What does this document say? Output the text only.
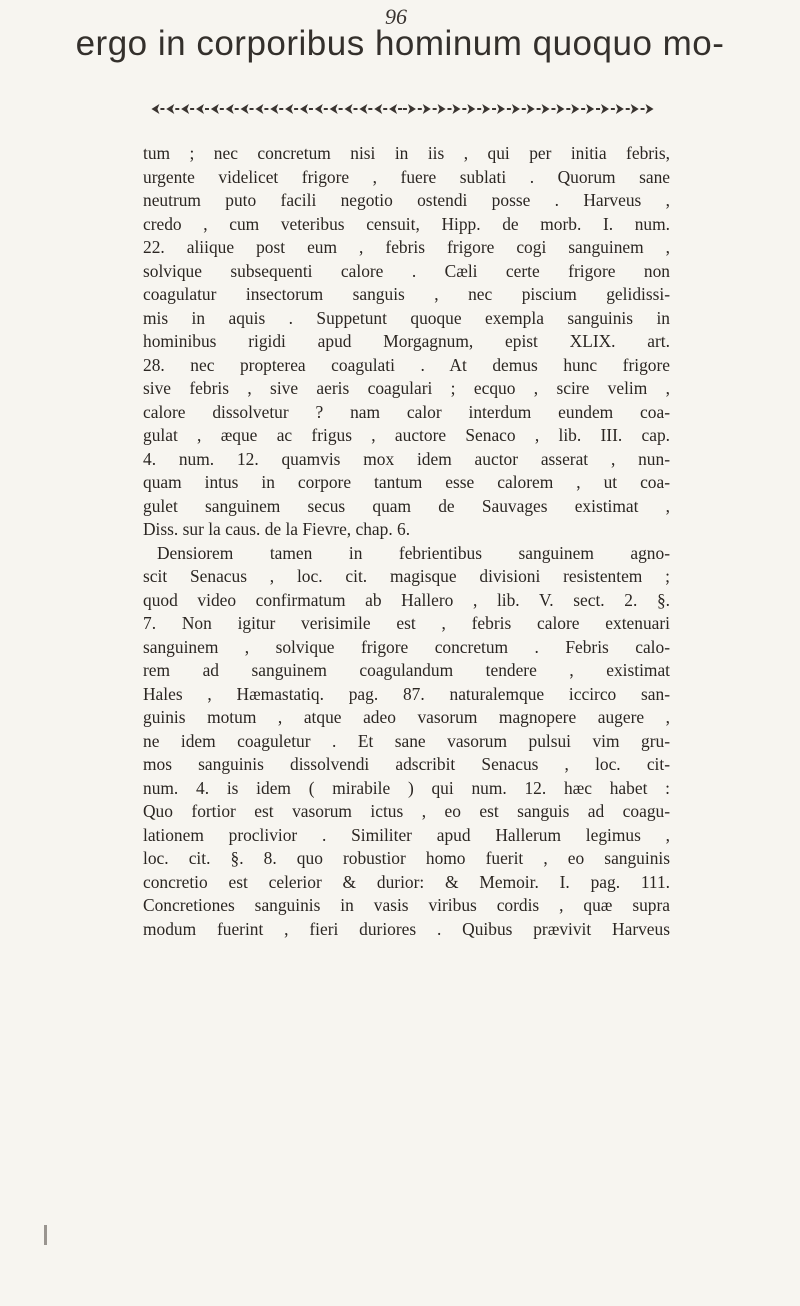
96
ergo in corporibus hominum quoquo mo-
tum ; nec concretum nisi in iis , qui per initia febris,
urgente videlicet frigore , fuere sublati . Quorum sane
neutrum puto facili negotio ostendi posse . Harveus ,
credo , cum veteribus censuit, Hipp. de morb. I. num.
22. aliique post eum , febris frigore cogi sanguinem ,
solvique subsequenti calore . Cæli certe frigore non
coagulatur insectorum sanguis , nec piscium gelidissi-
mis in aquis . Suppetunt quoque exempla sanguinis in
hominibus rigidi apud Morgagnum, epist XLIX. art.
28. nec propterea coagulati . At demus hunc frigore
sive febris , sive aeris coagulari ; ecquo , scire velim ,
calore dissolvetur ? nam calor interdum eundem coa-
gulat , æque ac frigus , auctore Senaco , lib. III. cap.
4. num. 12. quamvis mox idem auctor asserat , nun-
quam intus in corpore tantum esse calorem , ut coa-
gulet sanguinem secus quam de Sauvages existimat ,
Diss. sur la caus. de la Fievre, chap. 6.
Densiorem tamen in febrientibus sanguinem agno-
scit Senacus , loc. cit. magisque divisioni resistentem ;
quod video confirmatum ab Hallero , lib. V. sect. 2. §.
7. Non igitur verisimile est , febris calore extenuari
sanguinem , solvique frigore concretum . Febris calo-
rem ad sanguinem coagulandum tendere , existimat
Hales , Hæmastatiq. pag. 87. naturalemque iccirco san-
guinis motum , atque adeo vasorum magnopere augere ,
ne idem coaguletur . Et sane vasorum pulsui vim gru-
mos sanguinis dissolvendi adscribit Senacus , loc. cit-
num. 4. is idem ( mirabile ) qui num. 12. hæc habet :
Quo fortior est vasorum ictus , eo est sanguis ad coagu-
lationem proclivior . Similiter apud Hallerum legimus ,
loc. cit. §. 8. quo robustior homo fuerit , eo sanguinis
concretio est celerior & durior: & Memoir. I. pag. 111.
Concretiones sanguinis in vasis viribus cordis , quæ supra
modum fuerint , fieri duriores . Quibus prævivit Harveus
